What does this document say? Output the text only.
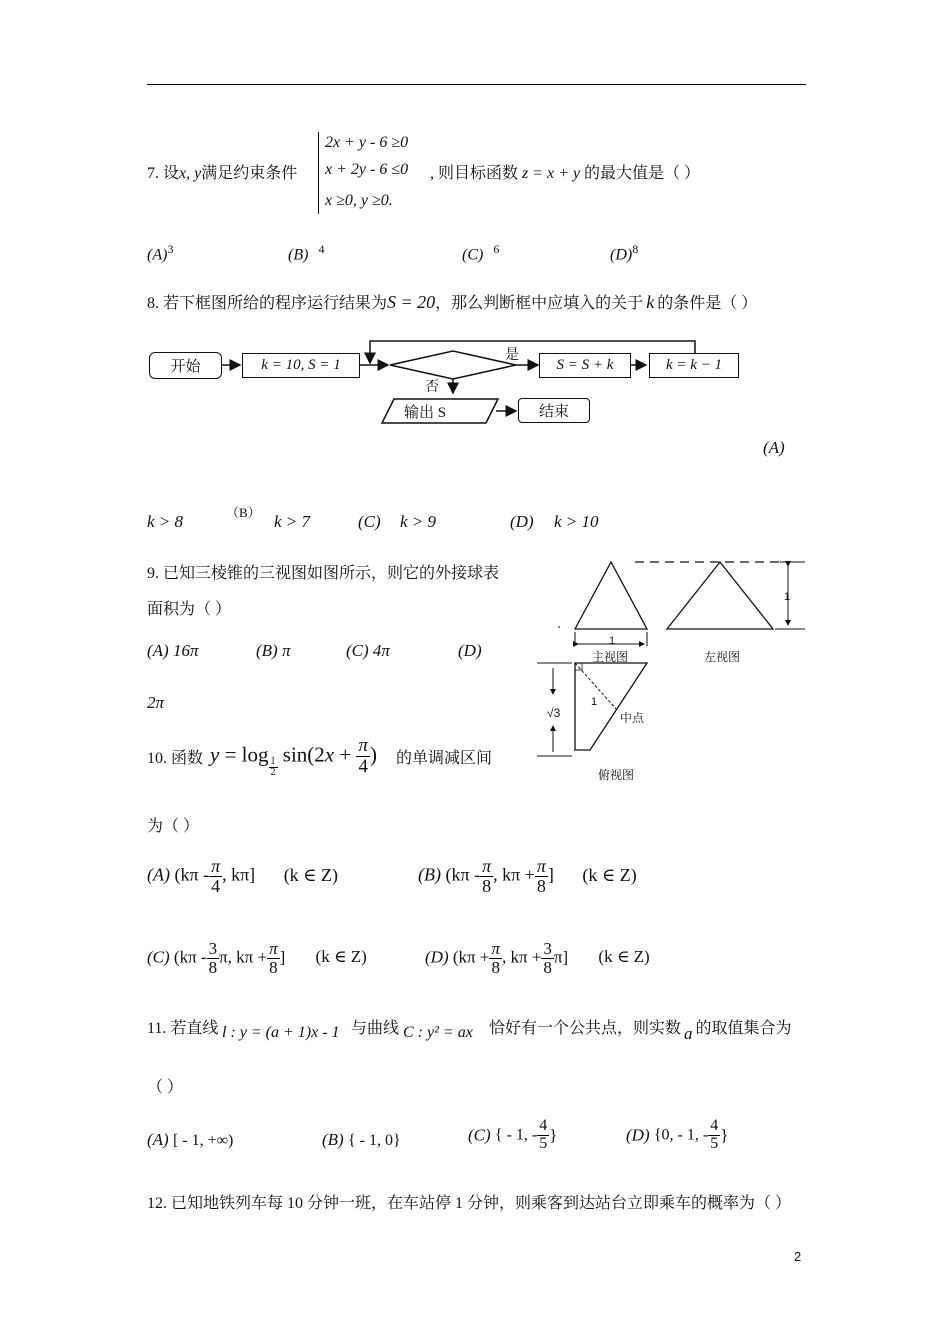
7. 设x, y满足约束条件
2x + y - 6 ≥0
x + 2y - 6 ≤0
x ≥0, y ≥0.
, 则目标函数 z = x + y 的最大值是（ ）
$(A)^3$	(B) $^4$	(C) $^6$	$(D)^8$
8. 若下框图所给的程序运行结果为S = 20，那么判断框中应填入的关于 k 的条件是（ ）
开始	k = 10, S = 1	S = S + k	k = k − 1
是
否
输出 S	结束
(A)
k > 8	（B） k > 7	(C) k > 9	(D) k > 10
9. 已知三棱锥的三视图如图所示，则它的外接球表
面积为（ ）
(A) 16π	(B) π	(C) 4π	(D)
2π
1
1
1
√3	中点
主视图	左视图
俯视图
10. 函数 y = log
$\frac{1}{2}$
$\sin(2x + \frac{\pi}{4}$ ) 的单调减区间
为（ ）
(A) ($k\pi - \frac{\pi}{4}$ , kπ] (k ∈ Z)	(B) ($k\pi - \frac{\pi}{8}$ , $k\pi + \frac{\pi}{8}$ ] (k ∈ Z)
(C) ($k\pi - \frac{3}{8} \pi$, $k\pi + \frac{\pi}{8}$ ] (k ∈ Z)	(D) ($k\pi + \frac{\pi}{8}$ , $k\pi + \frac{3}{8} \pi$] (k ∈ Z)
11. 若直线 l : y = (a + 1)x - 1 与曲线 C : y² = ax 恰好有一个公共点，则实数 a 的取值集合为
（ ）
(A) [ - 1, +∞)	(B) { - 1, 0}	(C) { - 1, - $\frac{4}{5}$ }	(D) {0, - 1, - $\frac{4}{5}$ }
12. 已知地铁列车每 10 分钟一班，在车站停 1 分钟，则乘客到达站台立即乘车的概率为（ ）
2
